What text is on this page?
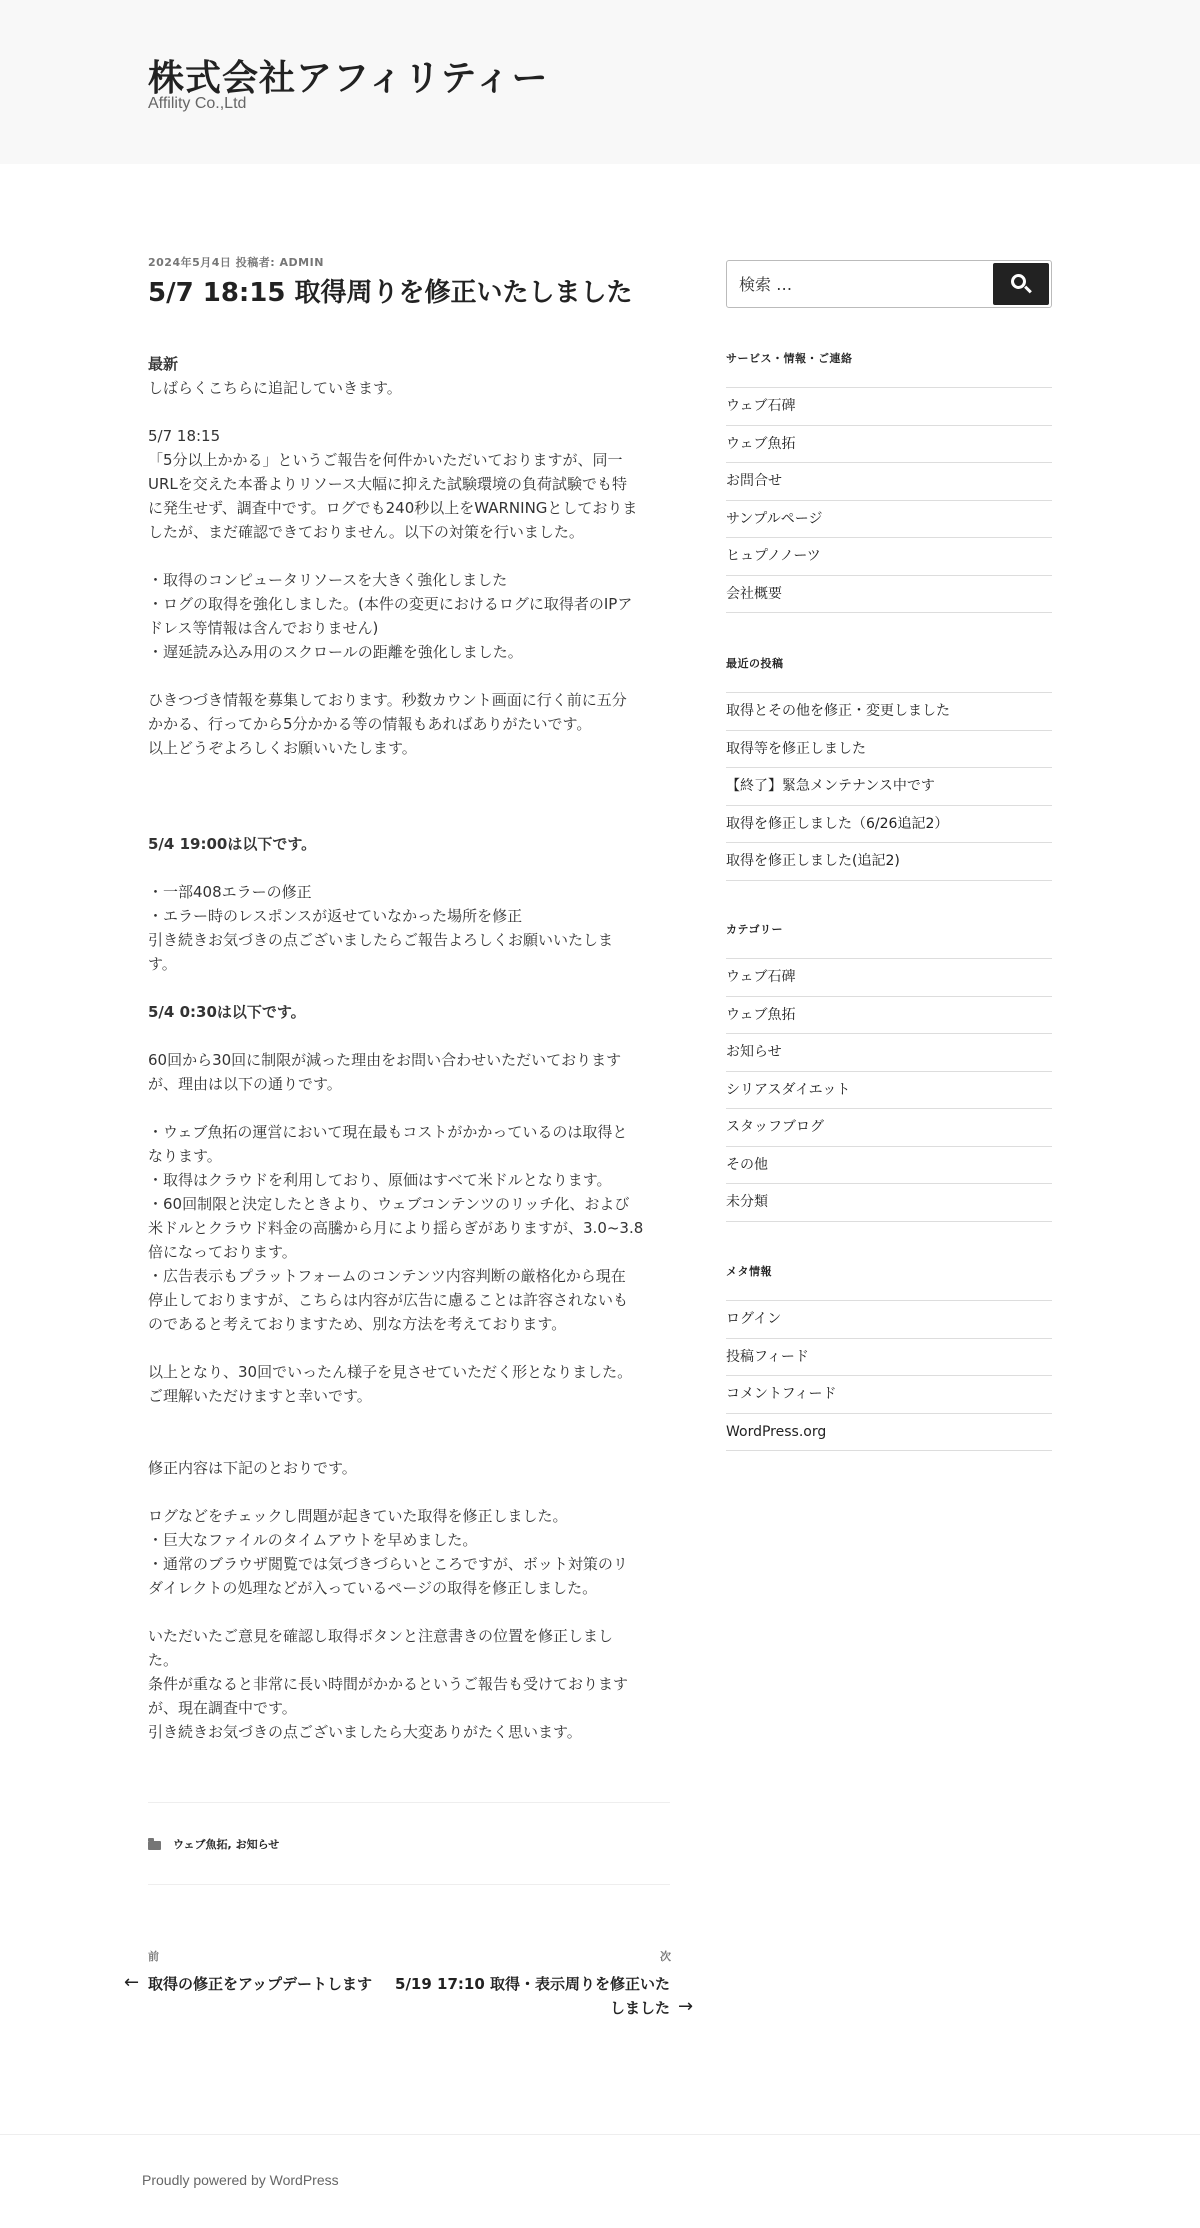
株式会社アフィリティー
Affility Co.,Ltd
2024年5月4日 投稿者: ADMIN
5/7 18:15 取得周りを修正いたしました
最新
しばらくこちらに追記していきます。
5/7 18:15
「5分以上かかる」というご報告を何件かいただいておりますが、同一
URLを交えた本番よりリソース大幅に抑えた試験環境の負荷試験でも特
に発生せず、調査中です。ログでも240秒以上をWARNINGとしておりま
したが、まだ確認できておりません。以下の対策を行いました。
・取得のコンピュータリソースを大きく強化しました
・ログの取得を強化しました。(本件の変更におけるログに取得者のIPア
ドレス等情報は含んでおりません)
・遅延読み込み用のスクロールの距離を強化しました。
ひきつづき情報を募集しております。秒数カウント画面に行く前に五分
かかる、行ってから5分かかる等の情報もあればありがたいです。
以上どうぞよろしくお願いいたします。
5/4 19:00は以下です。
・一部408エラーの修正
・エラー時のレスポンスが返せていなかった場所を修正
引き続きお気づきの点ございましたらご報告よろしくお願いいたしま
す。
5/4 0:30は以下です。
60回から30回に制限が減った理由をお問い合わせいただいております
が、理由は以下の通りです。
・ウェブ魚拓の運営において現在最もコストがかかっているのは取得と
なります。
・取得はクラウドを利用しており、原価はすべて米ドルとなります。
・60回制限と決定したときより、ウェブコンテンツのリッチ化、および
米ドルとクラウド料金の高騰から月により揺らぎがありますが、3.0~3.8
倍になっております。
・広告表示もプラットフォームのコンテンツ内容判断の厳格化から現在
停止しておりますが、こちらは内容が広告に慮ることは許容されないも
のであると考えておりますため、別な方法を考えております。
以上となり、30回でいったん様子を見させていただく形となりました。
ご理解いただけますと幸いです。
修正内容は下記のとおりです。
ログなどをチェックし問題が起きていた取得を修正しました。
・巨大なファイルのタイムアウトを早めました。
・通常のブラウザ閲覧では気づきづらいところですが、ボット対策のリ
ダイレクトの処理などが入っているページの取得を修正しました。
いただいたご意見を確認し取得ボタンと注意書きの位置を修正しまし
た。
条件が重なると非常に長い時間がかかるというご報告も受けております
が、現在調査中です。
引き続きお気づきの点ございましたら大変ありがたく思います。
ウェブ魚拓, お知らせ
前
← 取得の修正をアップデートします
次
5/19 17:10 取得・表示周りを修正いた
しました →
Proudly powered by WordPress
検索 …
サービス・情報・ご連絡
ウェブ石碑
ウェブ魚拓
お問合せ
サンプルページ
ヒュプノノーツ
会社概要
最近の投稿
取得とその他を修正・変更しました
取得等を修正しました
【終了】緊急メンテナンス中です
取得を修正しました（6/26追記2）
取得を修正しました(追記2)
カテゴリー
ウェブ石碑
ウェブ魚拓
お知らせ
シリアスダイエット
スタッフブログ
その他
未分類
メタ情報
ログイン
投稿フィード
コメントフィード
WordPress.org
